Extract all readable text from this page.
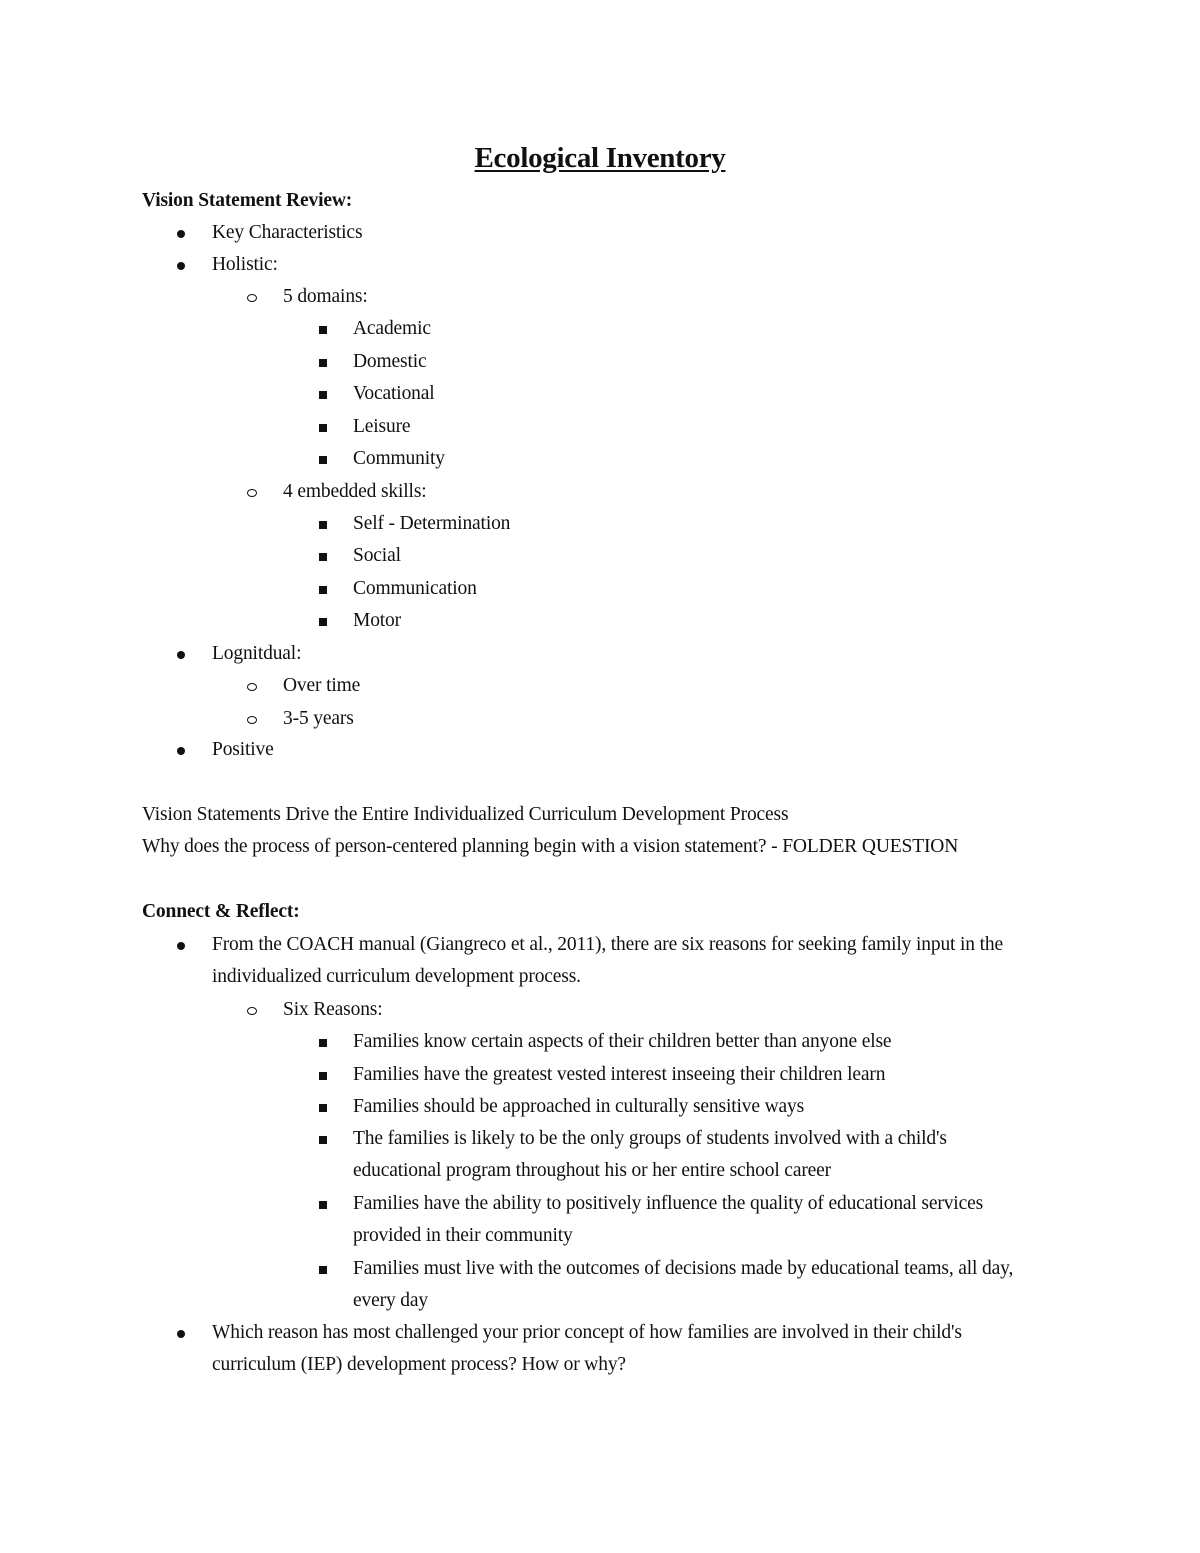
Ecological Inventory
Vision Statement Review:
Key Characteristics
Holistic:
5 domains:
Academic
Domestic
Vocational
Leisure
Community
4 embedded skills:
Self - Determination
Social
Communication
Motor
Lognitdual:
Over time
3-5 years
Positive
Vision Statements Drive the Entire Individualized Curriculum Development Process
Why does the process of person-centered planning begin with a vision statement? - FOLDER QUESTION
Connect & Reflect:
From the COACH manual (Giangreco et al., 2011), there are six reasons for seeking family input in the
individualized curriculum development process.
Six Reasons:
Families know certain aspects of their children better than anyone else
Families have the greatest vested interest inseeing their children learn
Families should be approached in culturally sensitive ways
The families is likely to be the only groups of students involved with a child's
educational program throughout his or her entire school career
Families have the ability to positively influence the quality of educational services
provided in their community
Families must live with the outcomes of decisions made by educational teams, all day,
every day
Which reason has most challenged your prior concept of how families are involved in their child's
curriculum (IEP) development process? How or why?
